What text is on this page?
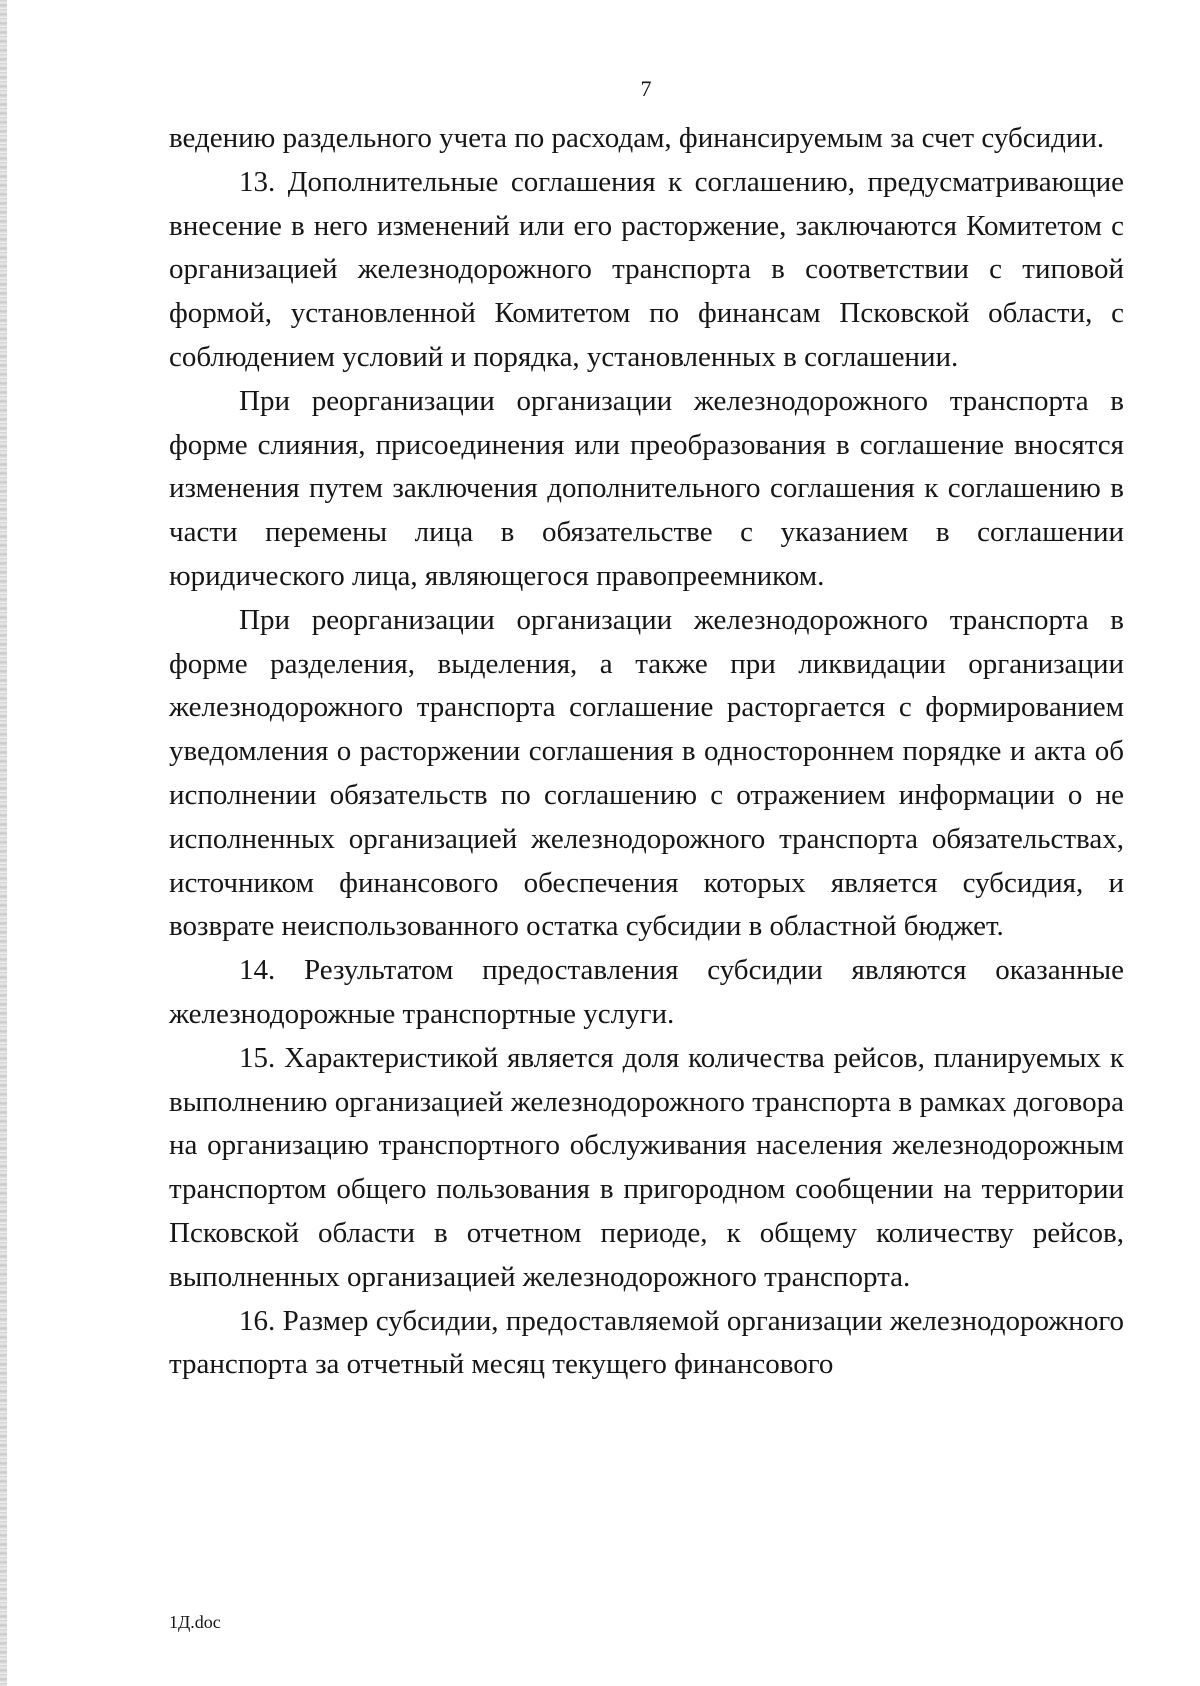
7

ведению раздельного учета по расходам, финансируемым за счет субсидии.

13. Дополнительные соглашения к соглашению, предусматривающие внесение в него изменений или его расторжение, заключаются Комитетом с организацией железнодорожного транспорта в соответствии с типовой формой, установленной Комитетом по финансам Псковской области, с соблюдением условий и порядка, установленных в соглашении.

При реорганизации организации железнодорожного транспорта в форме слияния, присоединения или преобразования в соглашение вносятся изменения путем заключения дополнительного соглашения к соглашению в части перемены лица в обязательстве с указанием в соглашении юридического лица, являющегося правопреемником.

При реорганизации организации железнодорожного транспорта в форме разделения, выделения, а также при ликвидации организации железнодорожного транспорта соглашение расторгается с формированием уведомления о расторжении соглашения в одностороннем порядке и акта об исполнении обязательств по соглашению с отражением информации о не исполненных организацией железнодорожного транспорта обязательствах, источником финансового обеспечения которых является субсидия, и возврате неиспользованного остатка субсидии в областной бюджет.

14. Результатом предоставления субсидии являются оказанные железнодорожные транспортные услуги.

15. Характеристикой является доля количества рейсов, планируемых к выполнению организацией железнодорожного транспорта в рамках договора на организацию транспортного обслуживания населения железнодорожным транспортом общего пользования в пригородном сообщении на территории Псковской области в отчетном периоде, к общему количеству рейсов, выполненных организацией железнодорожного транспорта.

16. Размер субсидии, предоставляемой организации железнодорожного транспорта за отчетный месяц текущего финансового

1Д.doc
